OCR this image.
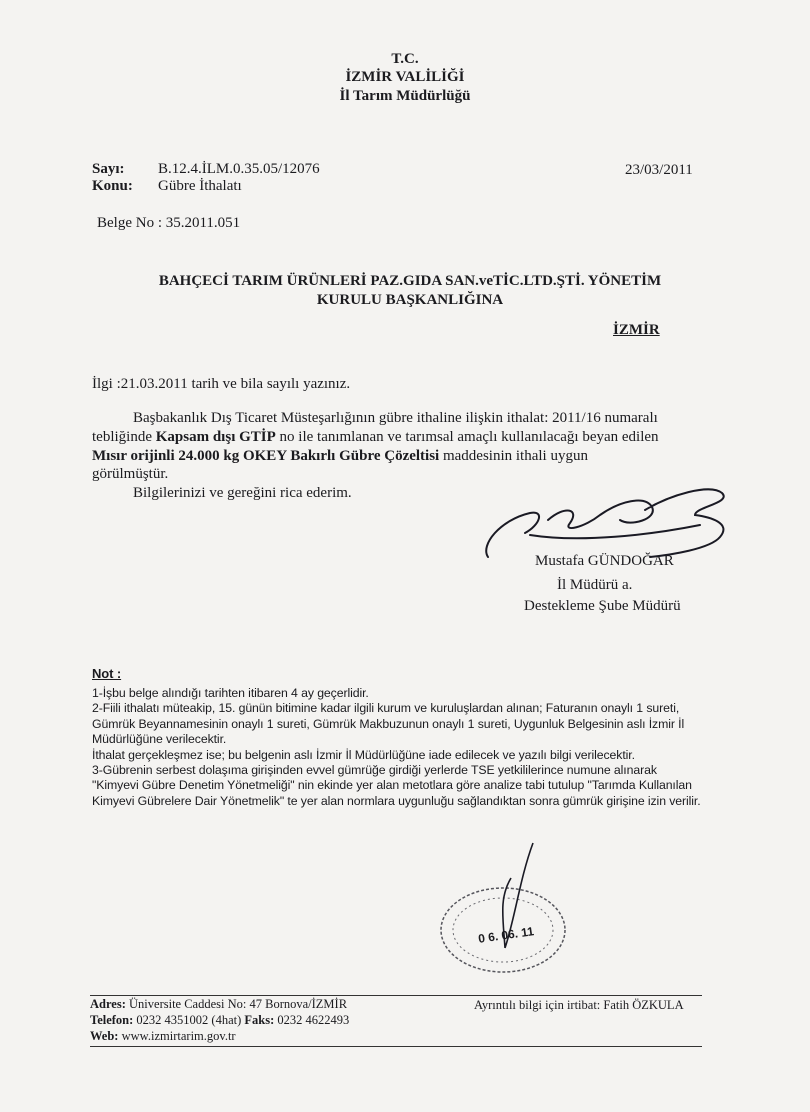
T.C.
İZMİR VALİLİĞİ
İl Tarım Müdürlüğü
Sayı: B.12.4.İLM.0.35.05/12076	23/03/2011
Konu: Gübre İthalatı
Belge No : 35.2011.051
BAHÇECİ TARIM ÜRÜNLERİ PAZ.GIDA SAN.veTİC.LTD.ŞTİ. YÖNETİM
KURULU BAŞKANLIĞINA
İZMİR
İlgi :21.03.2011 tarih ve bila sayılı yazınız.
Başbakanlık Dış Ticaret Müsteşarlığının gübre ithaline ilişkin ithalat: 2011/16 numaralı
tebliğinde Kapsam dışı GTİP no ile tanımlanan ve tarımsal amaçlı kullanılacağı beyan edilen
Mısır orijinli 24.000 kg OKEY Bakırlı Gübre Çözeltisi maddesinin ithali uygun
görülmüştür.
Bilgilerinizi ve gereğini rica ederim.
Mustafa GÜNDOĞAR
İl Müdürü a.
Destekleme Şube Müdürü
Not :
1-İşbu belge alındığı tarihten itibaren 4 ay geçerlidir.
2-Fiili ithalatı müteakip, 15. günün bitimine kadar ilgili kurum ve kuruluşlardan alınan; Faturanın onaylı 1 sureti,
Gümrük Beyannamesinin onaylı 1 sureti, Gümrük Makbuzunun onaylı 1 sureti, Uygunluk Belgesinin aslı İzmir İl
Müdürlüğüne verilecektir.
İthalat gerçekleşmez ise; bu belgenin aslı İzmir İl Müdürlüğüne iade edilecek ve yazılı bilgi verilecektir.
3-Gübrenin serbest dolaşıma girişinden evvel gümrüğe girdiği yerlerde TSE yetkililerince numune alınarak
"Kimyevi Gübre Denetim Yönetmeliği" nin ekinde yer alan metotlara göre analize tabi tutulup "Tarımda Kullanılan
Kimyevi Gübrelere Dair Yönetmelik" te yer alan normlara uygunluğu sağlandıktan sonra gümrük girişine izin verilir.
0 6. 06. 11
Adres: Üniversite Caddesi No: 47 Bornova/İZMİR	Ayrıntılı bilgi için irtibat: Fatih ÖZKULA
Telefon: 0232 4351002 (4hat) Faks: 0232 4622493
Web: www.izmirtarim.gov.tr
